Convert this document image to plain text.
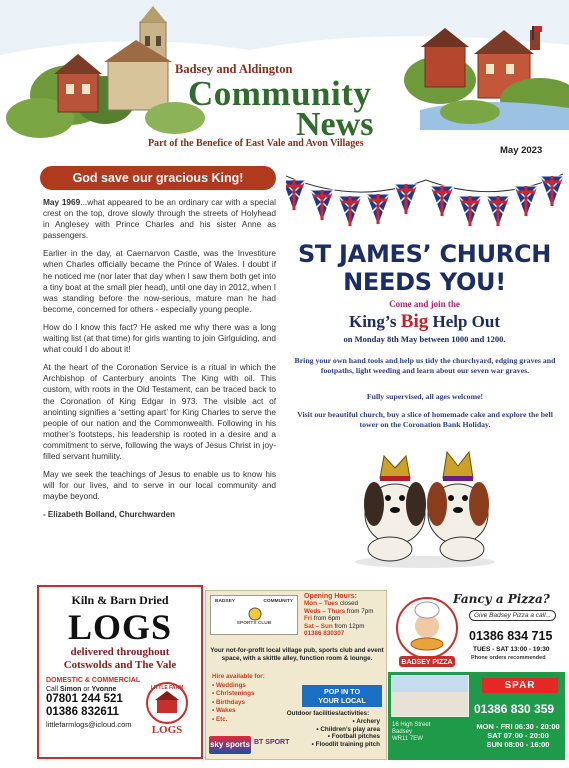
Badsey and Aldington
Community
News
Part of the Benefice of East Vale and Avon Villages
May 2023
God save our gracious King!

May 1969...what appeared to be an ordinary car with a special crest on the top, drove slowly through the streets of Holyhead in Anglesey with Prince Charles and his sister Anne as passengers.

Earlier in the day, at Caernarvon Castle, was the Investiture when Charles officially became the Prince of Wales. I doubt if he noticed me (nor later that day when I saw them both get into a tiny boat at the small pier head), until one day in 2012, when I was standing before the now-serious, mature man he had become, concerned for others - especially young people.

How do I know this fact? He asked me why there was a long waiting list (at that time) for girls wanting to join Girlguiding, and what could I do about it!

At the heart of the Coronation Service is a ritual in which the Archbishop of Canterbury anoints The King with oil. This custom, with roots in the Old Testament, can be traced back to the Coronation of King Edgar in 973. The visible act of anointing signifies a ‘setting apart’ for King Charles to serve the people of our nation and the Commonwealth. Following in his mother’s footsteps, his leadership is rooted in a desire and a commitment to serve, following the ways of Jesus Christ in joy-filled servant humility.

May we seek the teachings of Jesus to enable us to know his will for our lives, and to serve in our local community and maybe beyond.

- Elizabeth Bolland, Churchwarden
ST JAMES’ CHURCH
NEEDS YOU!
Come and join the
King’s Big Help Out
on Monday 8th May between 1000 and 1200.
Bring your own hand tools and help us tidy the churchyard, edging graves and footpaths, light weeding and learn about our seven war graves.
Fully supervised, all ages welcome!
Visit our beautiful church, buy a slice of homemade cake and explore the bell tower on the Coronation Bank Holiday.
Kiln & Barn Dried
LOGS
delivered throughout
Cotswolds and The Vale
DOMESTIC & COMMERCIAL
Call Simon or Yvonne
07801 244 521
01386 832611
littlefarmlogs@icloud.com
LITTLE FARM
LOGS
BADSEY	COMMUNITY
SPORTS CLUB
Opening Hours:
Mon – Tues closed
Weds – Thurs from 7pm
Fri from 6pm
Sat – Sun from 12pm
01386 830307
Your not-for-profit local village pub, sports club and event space, with a skittle alley, function room & lounge.
Hire available for:
• Weddings
• Christenings
• Birthdays
• Wakes
• Etc.
POP IN TO
YOUR LOCAL
Outdoor facilities/activities:
• Archery
• Children’s play area
• Football pitches
• Floodlit training pitch
sky sports BT SPORT
BADSEY PIZZA
Fancy a Pizza?
Give Badsey Pizza a call...
01386 834 715
TUES - SAT 13:00 - 19:30
Phone orders recommended
16 High Street
Badsey
WR11 7EW
SPAR
01386 830 359
MON - FRI 06:30 - 20:00
SAT 07:00 - 20:00
SUN 08:00 - 16:00
